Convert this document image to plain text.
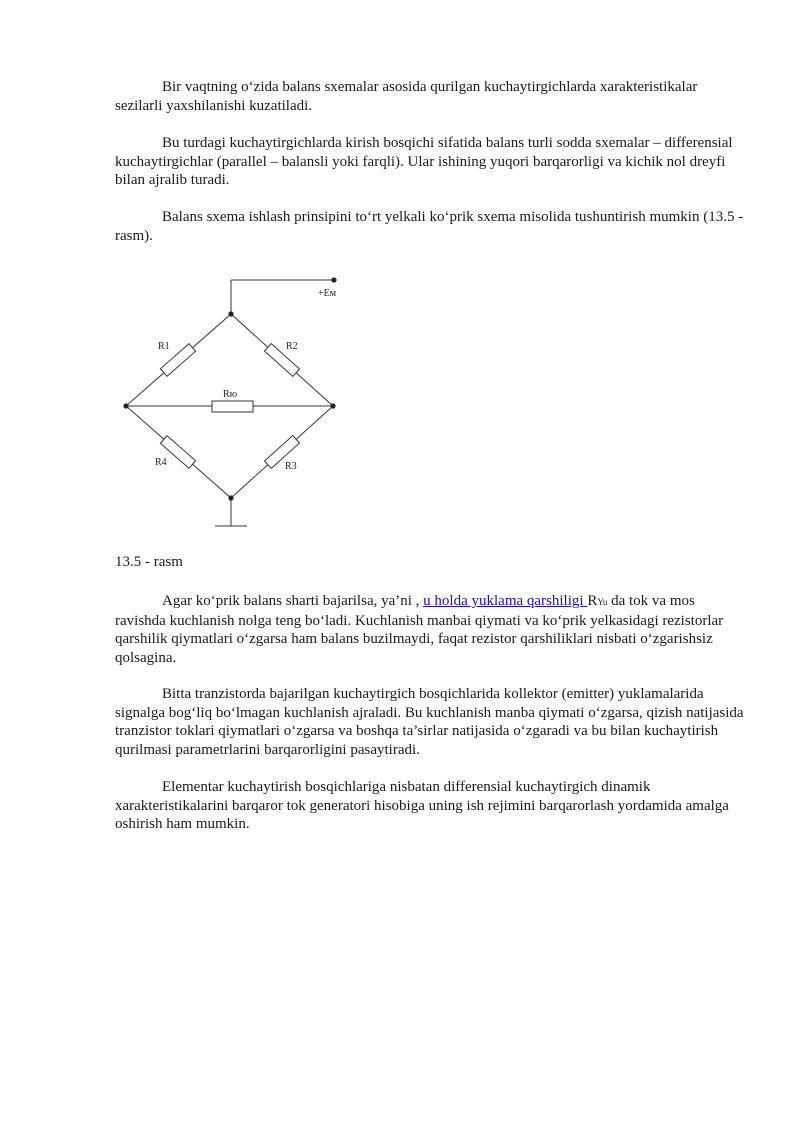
Bir vaqtning o‘zida balans sxemalar asosida qurilgan kuchaytirgichlarda xarakteristikalar sezilarli yaxshilanishi kuzatiladi.

Bu turdagi kuchaytirgichlarda kirish bosqichi sifatida balans turli sodda sxemalar – differensial kuchaytirgichlar (parallel – balansli yoki farqli). Ular ishining yuqori barqarorligi va kichik nol dreyfi bilan ajralib turadi.

Balans sxema ishlash prinsipini to‘rt yelkali ko‘prik sxema misolida tushuntirish mumkin (13.5 - rasm).

+Ем
R1	R2
Rю
R4	R3

13.5 - rasm

Agar ko‘prik balans sharti bajarilsa, ya’ni , u holda yuklama qarshiligi RYu da tok va mos ravishda kuchlanish nolga teng bo‘ladi. Kuchlanish manbai qiymati va ko‘prik yelkasidagi rezistorlar qarshilik qiymatlari o‘zgarsa ham balans buzilmaydi, faqat rezistor qarshiliklari nisbati o‘zgarishsiz qolsagina.

Bitta tranzistorda bajarilgan kuchaytirgich bosqichlarida kollektor (emitter) yuklamalarida signalga bog‘liq bo‘lmagan kuchlanish ajraladi. Bu kuchlanish manba qiymati o‘zgarsa, qizish natijasida tranzistor toklari qiymatlari o‘zgarsa va boshqa ta’sirlar natijasida o‘zgaradi va bu bilan kuchaytirish qurilmasi parametrlarini barqarorligini pasaytiradi.

Elementar kuchaytirish bosqichlariga nisbatan differensial kuchaytirgich dinamik xarakteristikalarini barqaror tok generatori hisobiga uning ish rejimini barqarorlash yordamida amalga oshirish ham mumkin.
